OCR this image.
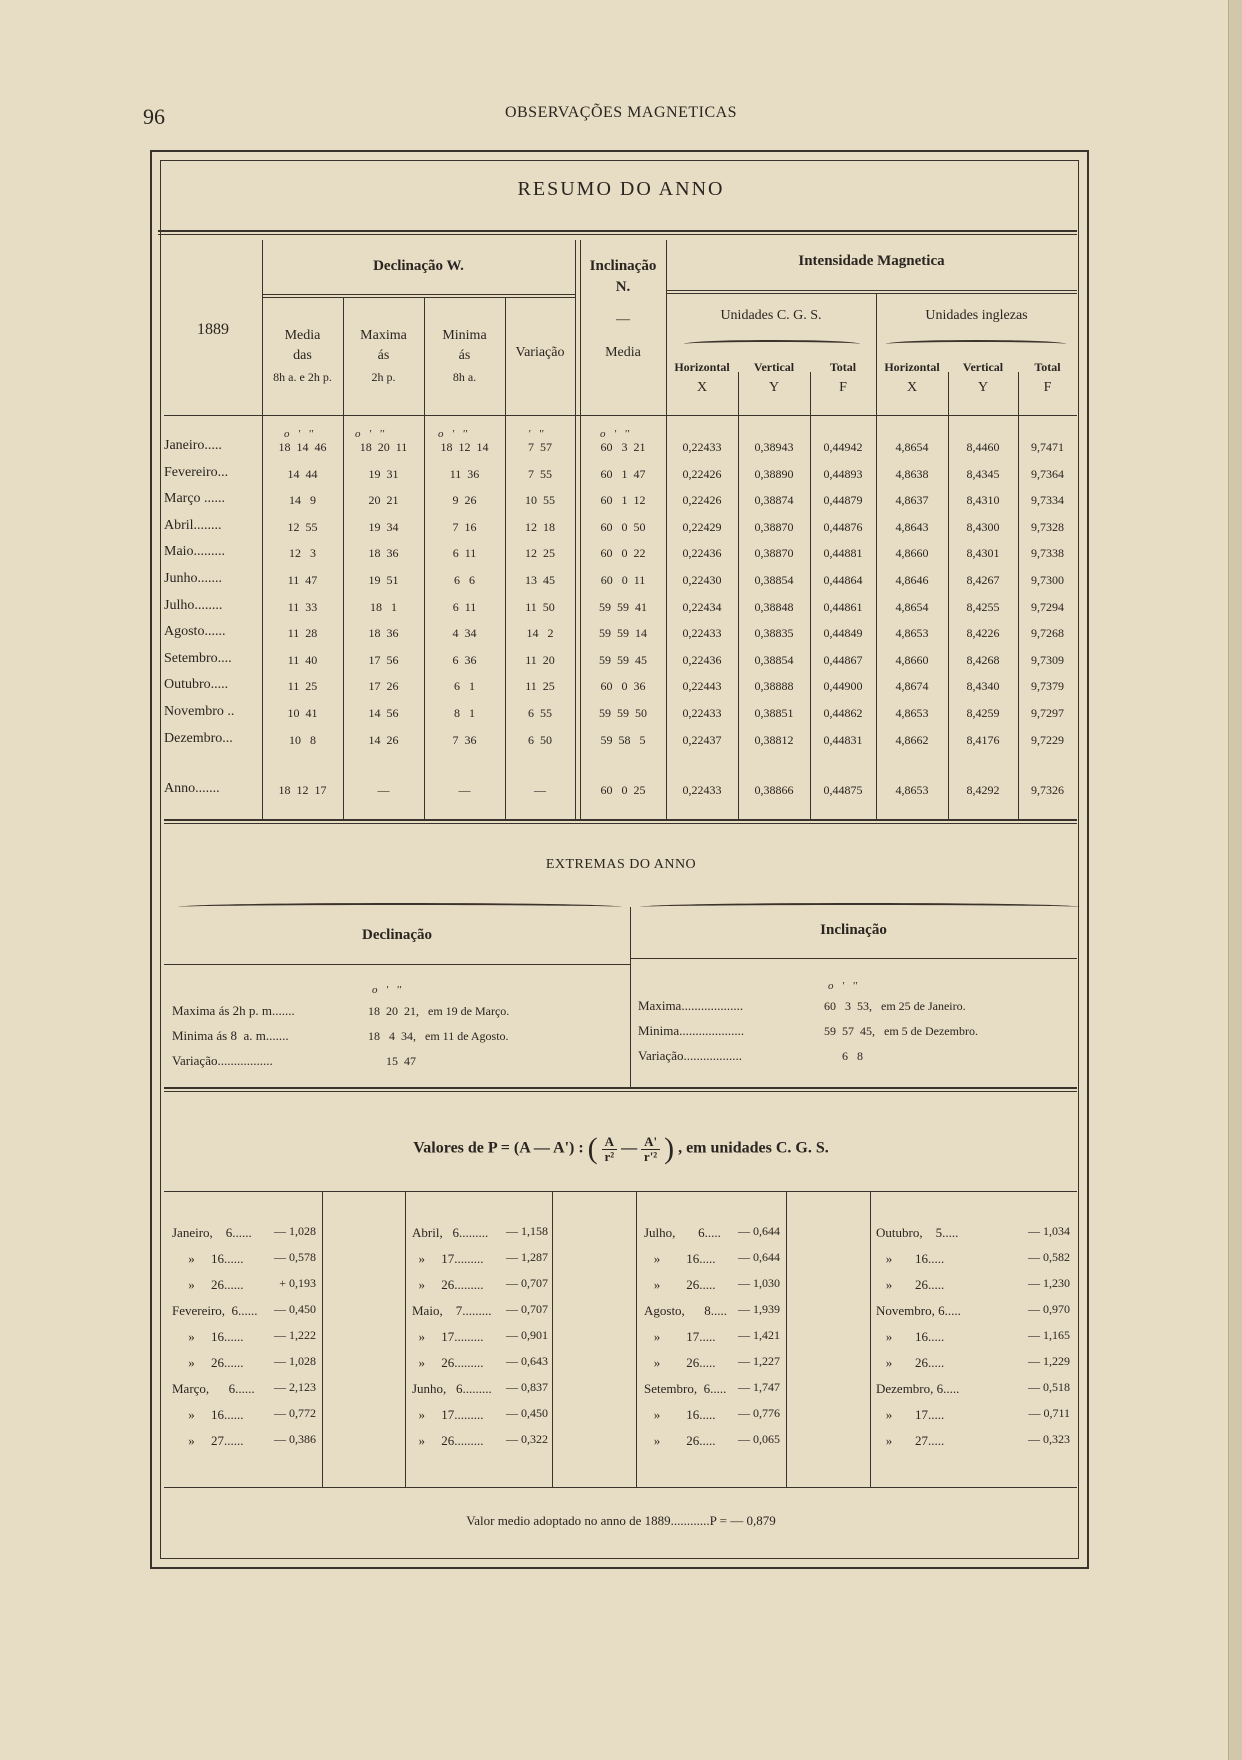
96	OBSERVAÇÕES MAGNETICAS
RESUMO DO ANNO
1889
Declinação W.	Inclinação
N.
Intensidade Magnetica
Media
das
8h a. e 2h p.
Maxima
ás
2h p.
Minima
ás
8h a.
Variação
—
Media
Unidades C. G. S.	Unidades inglezas
Horizontal
X
Vertical
Y
Total
F
Horizontal
X
Vertical
Y
Total
F
o   '   ''	o   '   ''	o   '   ''	'   ''	o   '   ''
Janeiro.....	18  14  46	18  20  11	18  12  14	7  57	60   3  21	0,22433	0,38943	0,44942	4,8654	8,4460	9,7471
Fevereiro...	14  44	19  31	11  36	7  55	60   1  47	0,22426	0,38890	0,44893	4,8638	8,4345	9,7364
Março ......	14   9	20  21	9  26	10  55	60   1  12	0,22426	0,38874	0,44879	4,8637	8,4310	9,7334
Abril........	12  55	19  34	7  16	12  18	60   0  50	0,22429	0,38870	0,44876	4,8643	8,4300	9,7328
Maio.........	12   3	18  36	6  11	12  25	60   0  22	0,22436	0,38870	0,44881	4,8660	8,4301	9,7338
Junho.......	11  47	19  51	6   6	13  45	60   0  11	0,22430	0,38854	0,44864	4,8646	8,4267	9,7300
Julho........	11  33	18   1	6  11	11  50	59  59  41	0,22434	0,38848	0,44861	4,8654	8,4255	9,7294
Agosto......	11  28	18  36	4  34	14   2	59  59  14	0,22433	0,38835	0,44849	4,8653	8,4226	9,7268
Setembro....	11  40	17  56	6  36	11  20	59  59  45	0,22436	0,38854	0,44867	4,8660	8,4268	9,7309
Outubro.....	11  25	17  26	6   1	11  25	60   0  36	0,22443	0,38888	0,44900	4,8674	8,4340	9,7379
Novembro ..	10  41	14  56	8   1	6  55	59  59  50	0,22433	0,38851	0,44862	4,8653	8,4259	9,7297
Dezembro...	10   8	14  26	7  36	6  50	59  58   5	0,22437	0,38812	0,44831	4,8662	8,4176	9,7229
Anno.......	18  12  17	—	—	—	60   0  25	0,22433	0,38866	0,44875	4,8653	8,4292	9,7326
EXTREMAS DO ANNO
Declinação	Inclinação
o   '   ''	o   '   ''
Maxima ás 2h p. m.......	18  20  21,   em 19 de Março.
Minima ás 8  a. m.......	18   4  34,   em 11 de Agosto.
Variação.................	15  47
Maxima...................	60   3  53,   em 25 de Janeiro.
Minima....................	59  57  45,   em 5 de Dezembro.
Variação..................	6   8
Valores de P = (A — A') : ( $\frac{A}{\text{r²}}$ — $\frac{A'}{\text{r'²}}$ ) , em unidades C. G. S.
Janeiro,    6......	— 1,028
»     16......	— 0,578
»     26......	+ 0,193
Fevereiro,  6......	— 0,450
»     16......	— 1,222
»     26......	— 1,028
Março,      6......	— 2,123
»     16......	— 0,772
»     27......	— 0,386
Abril,   6.........	— 1,158
»     17.........	— 1,287
»     26.........	— 0,707
Maio,    7.........	— 0,707
»     17.........	— 0,901
»     26.........	— 0,643
Junho,   6.........	— 0,837
»     17.........	— 0,450
»     26.........	— 0,322
Julho,       6.....	— 0,644
»        16.....	— 0,644
»        26.....	— 1,030
Agosto,      8..... — 1,939
»        17.....	— 1,421
»        26.....	— 1,227
Setembro,  6..... — 1,747
»        16.....	— 0,776
»        26.....	— 0,065
Outubro,    5.....	— 1,034
»       16.....	— 0,582
»       26.....	— 1,230
Novembro, 6.....	— 0,970
»       16.....	— 1,165
»       26.....	— 1,229
Dezembro, 6.....	— 0,518
»       17.....	— 0,711
»       27.....	— 0,323
Valor medio adoptado no anno de 1889............P = — 0,879
